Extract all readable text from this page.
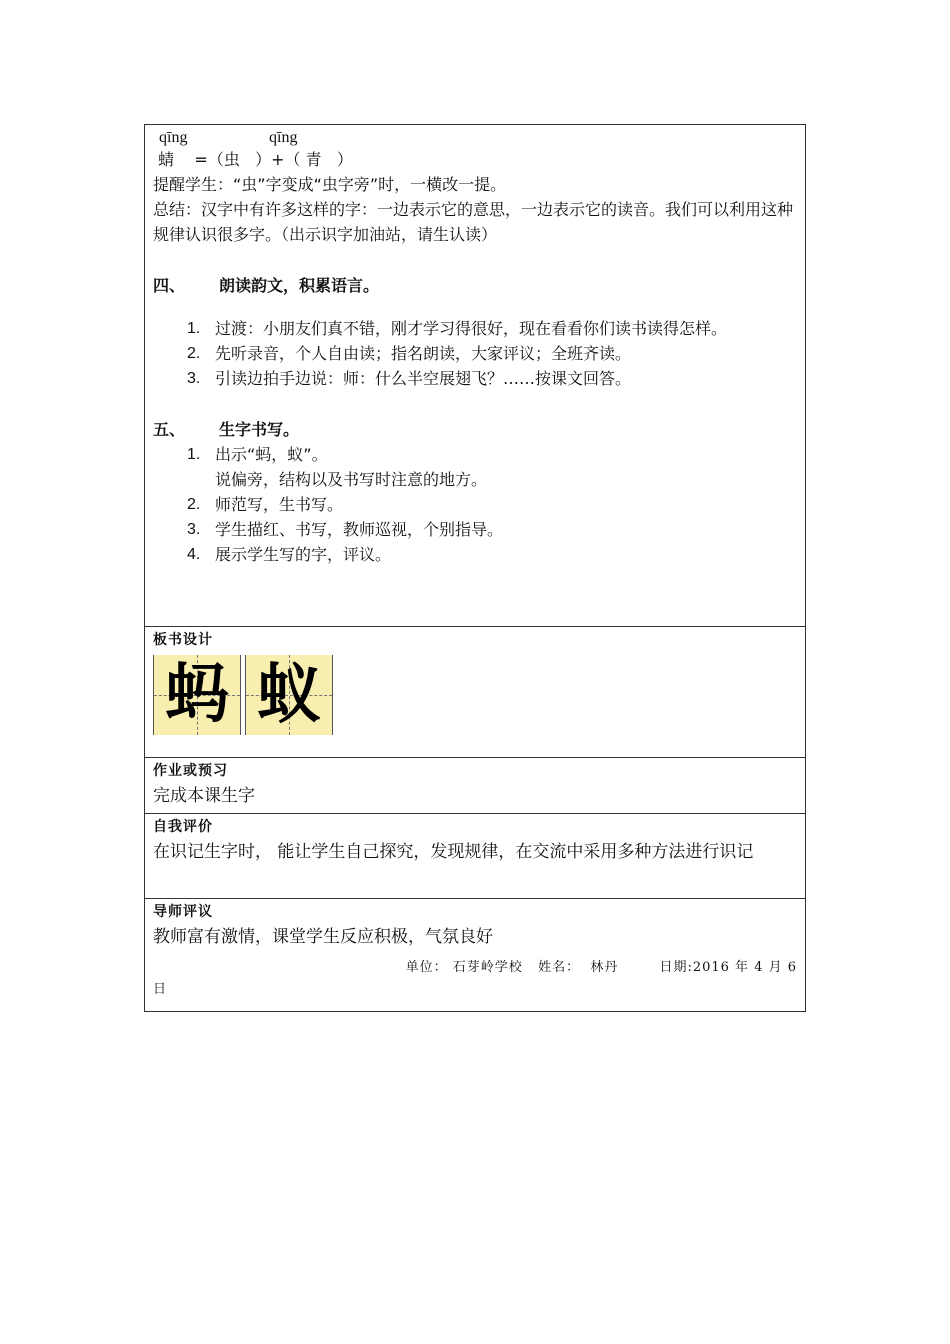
qīng	qīng
蜻    =（虫   ）+（ 青   ）
提醒学生：“虫”字变成“虫字旁”时，一横改一提。
总结：汉字中有许多这样的字：一边表示它的意思，一边表示它的读音。我们可以利用这种规律认识很多字。（出示识字加油站，请生认读）
四、 朗读韵文，积累语言。
1. 过渡：小朋友们真不错，刚才学习得很好，现在看看你们读书读得怎样。
2. 先听录音，个人自由读；指名朗读，大家评议；全班齐读。
3. 引读边拍手边说：师：什么半空展翅飞？……按课文回答。
五、 生字书写。
1. 出示“蚂，蚁”。
说偏旁，结构以及书写时注意的地方。
2. 师范写，生书写。
3. 学生描红、书写，教师巡视，个别指导。
4. 展示学生写的字，评议。
板书设计
蚂 蚁
作业或预习
完成本课生字
自我评价
在识记生字时， 能让学生自己探究，发现规律，在交流中采用多种方法进行识记
导师评议
教师富有激情，课堂学生反应积极，气氛良好
单位： 石芽岭学校   姓名：  林丹        日期:2016 年 4 月 6
日
